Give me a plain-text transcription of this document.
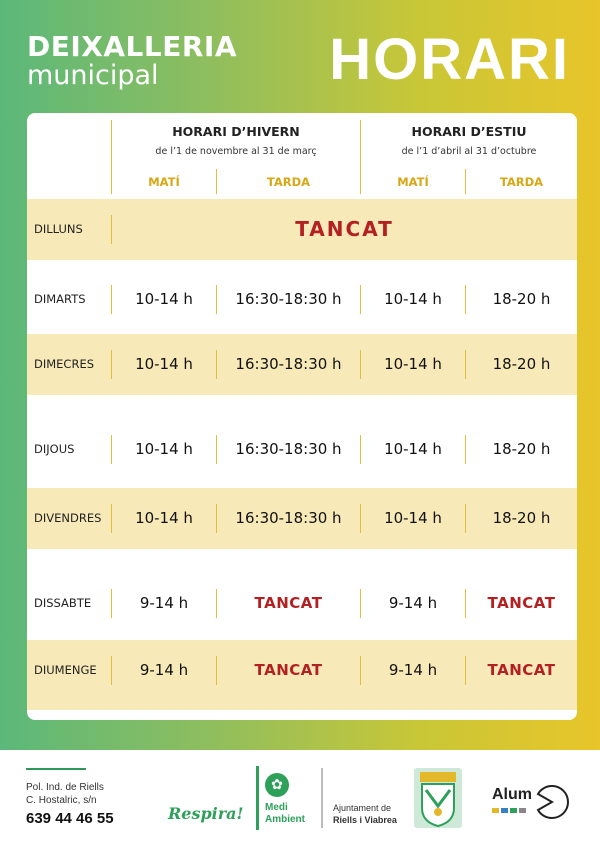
DEIXALLERIA
municipal	HORARI
HORARI D’HIVERN
de l’1 de novembre al 31 de març
HORARI D’ESTIU
de l’1 d’abril al 31 d’octubre
MATÍ	TARDA	MATÍ	TARDA
DILLUNS	TANCAT
DIMARTS	10-14 h	16:30-18:30 h	10-14 h	18-20 h
DIMECRES	10-14 h	16:30-18:30 h	10-14 h	18-20 h
DIJOUS	10-14 h	16:30-18:30 h	10-14 h	18-20 h
DIVENDRES	10-14 h	16:30-18:30 h	10-14 h	18-20 h
DISSABTE	9-14 h	TANCAT	9-14 h	TANCAT
DIUMENGE	9-14 h	TANCAT	9-14 h	TANCAT
Pol. Ind. de Riells
C. Hostalric, s/n
639 44 46 55	Respira!
✿
Medi
Ambient
Ajuntament de
Riells i Viabrea
Alum
